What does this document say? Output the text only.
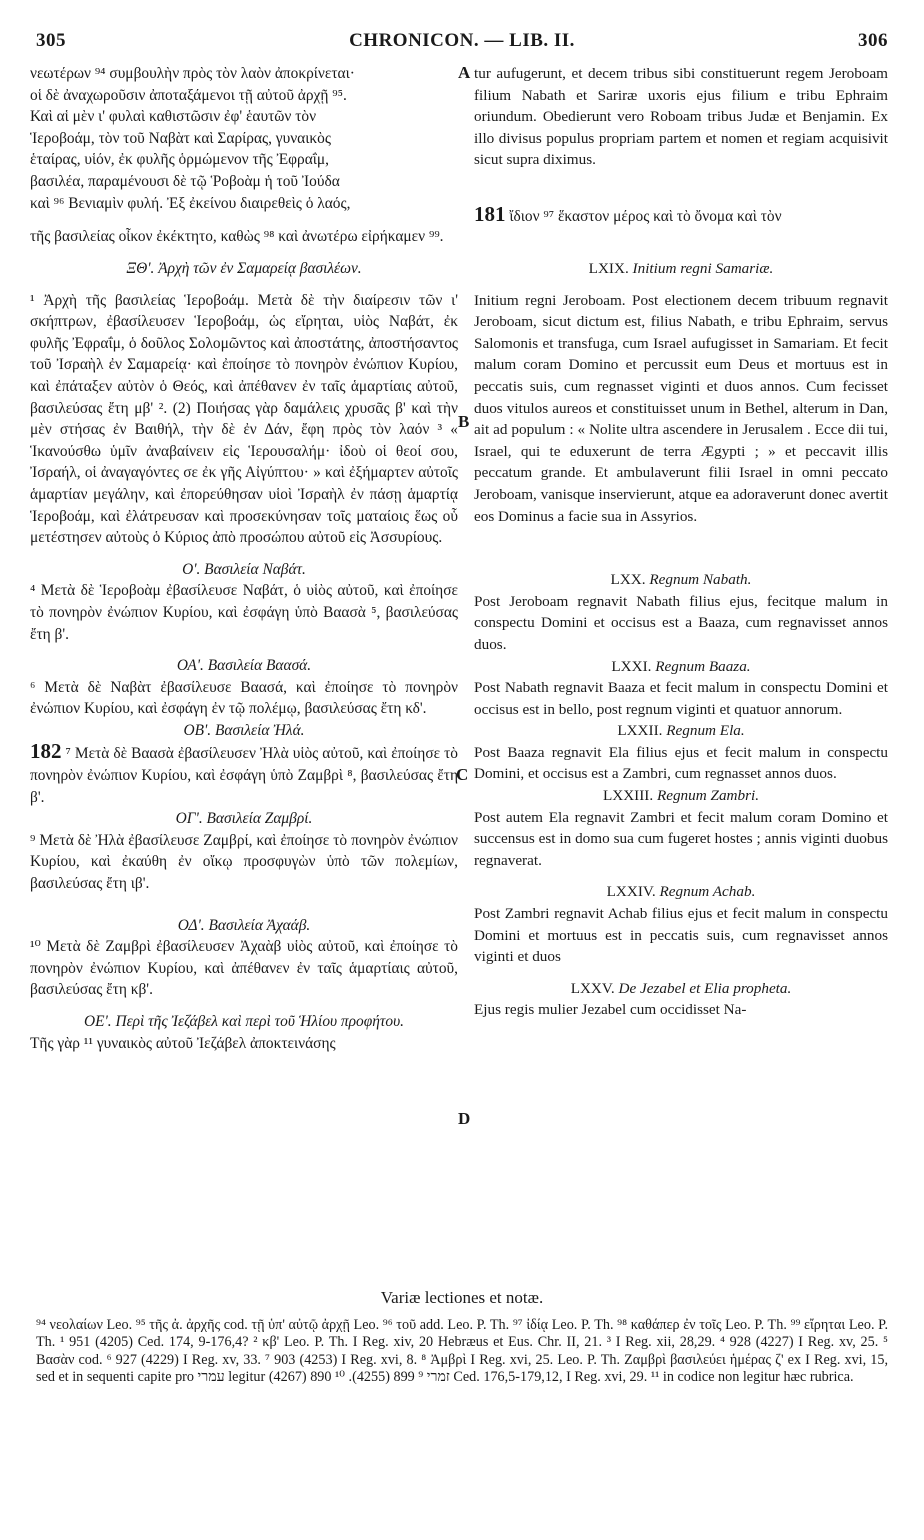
305	CHRONICON. — LIB. II.	306
A
B
C
D

νεωτέρων ⁹⁴ συμβουλὴν πρὸς τὸν λαὸν ἀποκρίνεται·

οἱ δὲ ἀναχωροῦσιν ἀποταξάμενοι τῇ αὐτοῦ ἀρχῇ ⁹⁵.

Καὶ αἱ μὲν ι' φυλαὶ καθιστῶσιν ἐφ' ἑαυτῶν τὸν

Ἱεροβοάμ, τὸν τοῦ Ναβὰτ καὶ Σαρίρας, γυναικὸς

ἑταίρας, υἱόν, ἐκ φυλῆς ὁρμώμενον τῆς Ἐφραΐμ,

βασιλέα, παραμένουσι δὲ τῷ Ῥοβοὰμ ἡ τοῦ Ἰούδα

καὶ ⁹⁶ Βενιαμὶν φυλή. Ἐξ ἐκείνου διαιρεθεὶς ὁ λαός,

tur aufugerunt, et decem tribus sibi constituerunt regem Jeroboam filium Nabath et Sariræ uxoris ejus filium e tribu Ephraim oriundum. Obedierunt vero Roboam tribus Judæ et Benjamin. Ex illo divisus populus propriam partem et nomen et regiam acquisivit sicut supra diximus.

181 ἴδιον ⁹⁷ ἕκαστον μέρος καὶ τὸ ὄνομα καὶ τὸν
τῆς βασιλείας οἶκον ἐκέκτητο, καθὼς ⁹⁸ καὶ ἀνωτέρω εἰρήκαμεν ⁹⁹.

ΞΘ'. Ἀρχὴ τῶν ἐν Σαμαρείᾳ βασιλέων.

¹ Ἀρχὴ τῆς βασιλείας Ἱεροβοάμ. Μετὰ δὲ τὴν διαίρεσιν τῶν ι' σκήπτρων, ἐβασίλευσεν Ἱεροβοάμ, ὡς εἴρηται, υἱὸς Ναβάτ, ἐκ φυλῆς Ἐφραΐμ, ὁ δοῦλος Σολομῶντος καὶ ἀποστάτης, ἀποστήσαντος τοῦ Ἰσραὴλ ἐν Σαμαρείᾳ· καὶ ἐποίησε τὸ πονηρὸν ἐνώπιον Κυρίου, καὶ ἐπάταξεν αὐτὸν ὁ Θεός, καὶ ἀπέθανεν ἐν ταῖς ἁμαρτίαις αὐτοῦ, βασιλεύσας ἔτη μβ' ². (2) Ποιήσας γὰρ δαμάλεις χρυσᾶς β' καὶ τὴν μὲν στήσας ἐν Βαιθήλ, τὴν δὲ ἐν Δάν, ἔφη πρὸς τὸν λαόν ³ « Ἱκανούσθω ὑμῖν ἀναβαίνειν εἰς Ἱερουσαλήμ· ἰδοὺ οἱ θεοί σου, Ἰσραήλ, οἱ ἀναγαγόντες σε ἐκ γῆς Αἰγύπτου· » καὶ ἐξήμαρτεν αὐτοῖς ἁμαρτίαν μεγάλην, καὶ ἐπορεύθησαν υἱοὶ Ἰσραὴλ ἐν πάσῃ ἁμαρτίᾳ Ἱεροβοάμ, καὶ ἐλάτρευσαν καὶ προσεκύνησαν τοῖς ματαίοις ἕως οὗ μετέστησεν αὐτοὺς ὁ Κύριος ἀπὸ προσώπου αὐτοῦ εἰς Ἀσσυρίους.

Ο'. Βασιλεία Ναβάτ.

⁴ Μετὰ δὲ Ἱεροβοὰμ ἐβασίλευσε Ναβάτ, ὁ υἱὸς αὐτοῦ, καὶ ἐποίησε τὸ πονηρὸν ἐνώπιον Κυρίου, καὶ ἐσφάγη ὑπὸ Βαασὰ ⁵, βασιλεύσας ἔτη β'.

ΟΑ'. Βασιλεία Βαασά.

⁶ Μετὰ δὲ Ναβὰτ ἐβασίλευσε Βαασά, καὶ ἐποίησε τὸ πονηρὸν ἐνώπιον Κυρίου, καὶ ἐσφάγη ἐν τῷ πολέμῳ, βασιλεύσας ἔτη κδ'.

ΟΒ'. Βασιλεία Ἠλά.

182 ⁷ Μετὰ δὲ Βαασὰ ἐβασίλευσεν Ἠλὰ υἱὸς αὐτοῦ, καὶ ἐποίησε τὸ πονηρὸν ἐνώπιον Κυρίου, καὶ ἐσφάγη ὑπὸ Ζαμβρὶ ⁸, βασιλεύσας ἔτη β'.

ΟΓ'. Βασιλεία Ζαμβρί.

⁹ Μετὰ δὲ Ἠλὰ ἐβασίλευσε Ζαμβρί, καὶ ἐποίησε τὸ πονηρὸν ἐνώπιον Κυρίου, καὶ ἐκαύθη ἐν οἴκῳ προσφυγὼν ὑπὸ τῶν πολεμίων, βασιλεύσας ἔτη ιβ'.

ΟΔ'. Βασιλεία Ἀχαάβ.

¹⁰ Μετὰ δὲ Ζαμβρὶ ἐβασίλευσεν Ἀχαὰβ υἱὸς αὐτοῦ, καὶ ἐποίησε τὸ πονηρὸν ἐνώπιον Κυρίου, καὶ ἀπέθανεν ἐν ταῖς ἁμαρτίαις αὐτοῦ, βασιλεύσας ἔτη κβ'.

ΟΕ'. Περὶ τῆς Ἰεζάβελ καὶ περὶ τοῦ Ἡλίου προφήτου.

Τῆς γὰρ ¹¹ γυναικὸς αὐτοῦ Ἰεζάβελ ἀποκτεινάσης

LXIX. Initium regni Samariæ.

Initium regni Jeroboam. Post electionem decem tribuum regnavit Jeroboam, sicut dictum est, filius Nabath, e tribu Ephraim, servus Salomonis et transfuga, cum Israel aufugisset in Samariam. Et fecit malum coram Domino et percussit eum Deus et mortuus est in peccatis suis, cum regnasset viginti et duos annos. Cum fecisset duos vitulos aureos et constituisset unum in Bethel, alterum in Dan, ait ad populum : « Nolite ultra ascendere in Jerusalem . Ecce dii tui, Israel, qui te eduxerunt de terra Ægypti ; » et peccavit illis peccatum grande. Et ambulaverunt filii Israel in omni peccato Jeroboam, vanisque inservierunt, atque ea adoraverunt donec avertit eos Dominus a facie sua in Assyrios.

LXX. Regnum Nabath.

Post Jeroboam regnavit Nabath filius ejus, fecitque malum in conspectu Domini et occisus est a Baaza, cum regnavisset annos duos.

LXXI. Regnum Baaza.

Post Nabath regnavit Baaza et fecit malum in conspectu Domini et occisus est in bello, post regnum viginti et quatuor annorum.

LXXII. Regnum Ela.

Post Baaza regnavit Ela filius ejus et fecit malum in conspectu Domini, et occisus est a Zambri, cum regnasset annos duos.

LXXIII. Regnum Zambri.

Post autem Ela regnavit Zambri et fecit malum coram Domino et succensus est in domo sua cum fugeret hostes ; annis viginti duobus regnaverat.

LXXIV. Regnum Achab.

Post Zambri regnavit Achab filius ejus et fecit malum in conspectu Domini et mortuus est in peccatis suis, cum regnavisset annos viginti et duos

LXXV. De Jezabel et Elia propheta.

Ejus regis mulier Jezabel cum occidisset Na-

Variæ lectiones et notæ.
⁹⁴ νεολαίων Leo. ⁹⁵ τῆς ἀ. ἀρχῆς cod. τῇ ὑπ' αὐτῷ ἀρχῇ Leo. ⁹⁶ τοῦ add. Leo. P. Th. ⁹⁷ ἰδίᾳ Leo. P. Th. ⁹⁸ καθάπερ ἐν τοῖς Leo. P. Th. ⁹⁹ εἴρηται Leo. P. Th. ¹ 951 (4205) Ced. 174, 9-176,4? ² κβ' Leo. P. Th. I Reg. xiv, 20 Hebræus et Eus. Chr. II, 21. ³ I Reg. xii, 28,29. ⁴ 928 (4227) I Reg. xv, 25. ⁵ Βασὰν cod. ⁶ 927 (4229) I Reg. xv, 33. ⁷ 903 (4253) I Reg. xvi, 8. ⁸ Ἀμβρὶ I Reg. xvi, 25. Leo. P. Th. Ζαμβρὶ βασιλεύει ἡμέρας ζ' ex I Reg. xvi, 15, sed et in sequenti capite pro עמרי legitur זמרי ⁹ 899 (4255). ¹⁰ 890 (4267) Ced. 176,5-179,12, I Reg. xvi, 29. ¹¹ in codice non legitur hæc rubrica.
